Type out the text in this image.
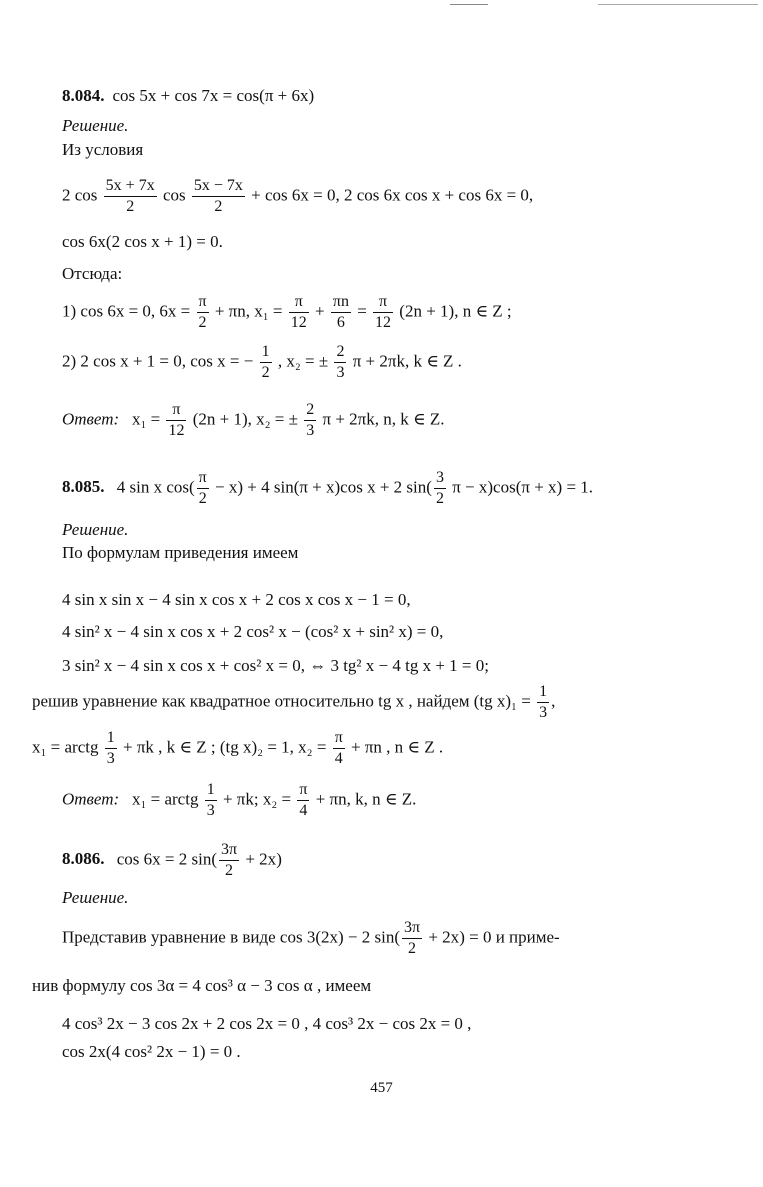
8.084. cos 5x + cos 7x = cos(π + 6x)
Решение.
Из условия
2 $\cos \frac{5x + 7x}{2}$ $\cos \frac{5x - 7x}{2} + \cos 6x = 0$, 2 cos 6x cos x + cos 6x = 0,
cos 6x(2 cos x + 1) = 0.
Отсюда:
1) cos 6x = 0, $6x = \frac{\pi}{2} + \pi n$, $x_1 = \frac{\pi}{12} + \frac{\pi n}{6} = \frac{\pi}{12} (2n + 1)$, n ∈ Z ;
2) 2 cos x + 1 = 0, cos x = − $\frac{1}{2}$ , x₂ = ± $\frac{2}{3}$ π + 2πk, k ∈ Z .
Ответ: $x_1 = \frac{\pi}{12} (2n + 1)$, x₂ = ± $\frac{2}{3}$ π + 2πk, n, k ∈ Z.
8.085. 4 sin x $\cos( \frac{\pi}{2} - x) + 4$ sin(π + x)cos x + 2 $\sin( \frac{3}{2}$ π − x)cos(π + x) = 1.
Решение.
По формулам приведения имеем
4 sin x sin x − 4 sin x cos x + 2 cos x cos x − 1 = 0,
4 sin² x − 4 sin x cos x + 2 cos² x − (cos² x + sin² x) = 0,
3 sin² x − 4 sin x cos x + cos² x = 0, ⇔ 3 tg² x − 4 tg x + 1 = 0;
решив уравнение как квадратное относительно tg x , найдем (tg $x)_1 = \frac{1}{3}$ ,
x₁ = arctg $\frac{1}{3} + \pi k$ , k ∈ Z ; (tg x)₂ = 1, $x_2 = \frac{\pi}{4} + \pi n$ , n ∈ Z .
Ответ: x₁ = arctg $\frac{1}{3} + \pi k$; $x_2 = \frac{\pi}{4} + \pi n$, k, n ∈ Z.
8.086. cos 6x = 2 $\sin( \frac{3\pi}{2} + 2x)$
Решение.
Представив уравнение в виде cos 3(2x) − 2 $\sin( \frac{3\pi}{2} + 2x) = 0$ и приме-
нив формулу cos 3α = 4 cos³ α − 3 cos α , имеем
4 cos³ 2x − 3 cos 2x + 2 cos 2x = 0 , 4 cos³ 2x − cos 2x = 0 ,
cos 2x(4 cos² 2x − 1) = 0 .
457
